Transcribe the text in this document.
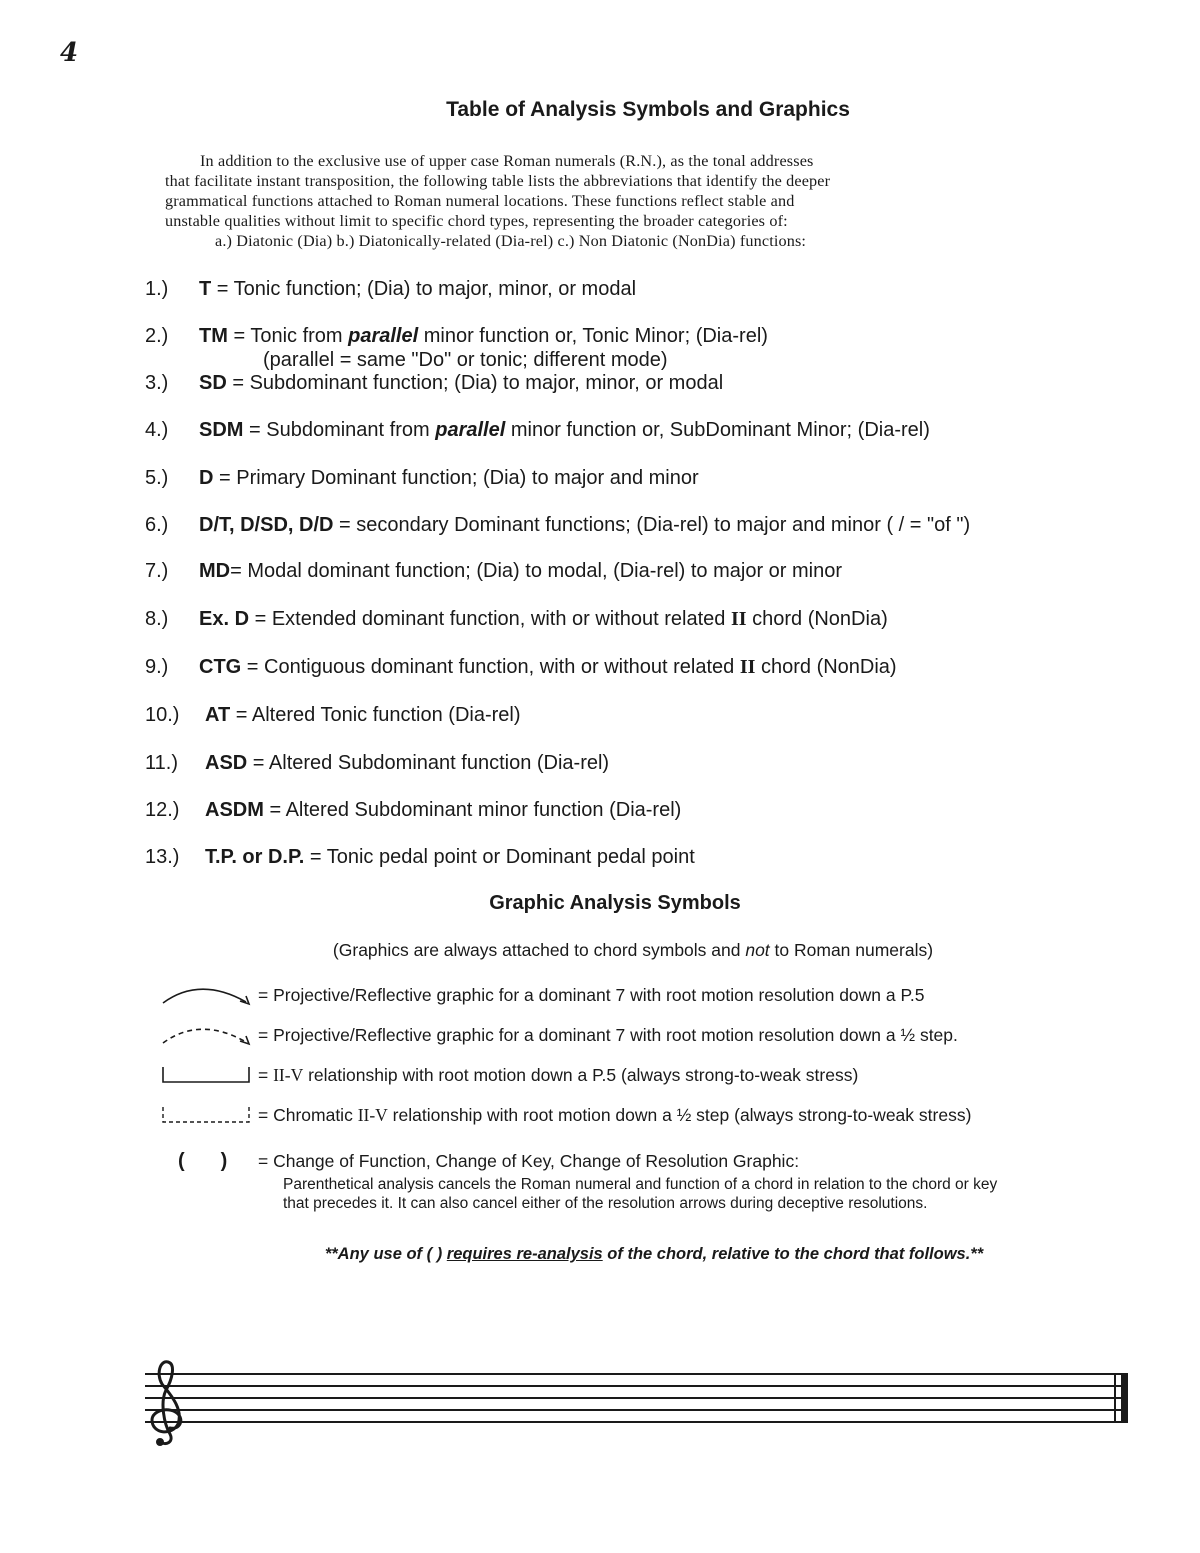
4
Table of Analysis Symbols and Graphics
In addition to the exclusive use of upper case Roman numerals (R.N.), as the tonal addresses
that facilitate instant transposition, the following table lists the abbreviations that identify the deeper
grammatical functions attached to Roman numeral locations. These functions reflect stable and
unstable qualities without limit to specific chord types, representing the broader categories of:
a.) Diatonic (Dia) b.) Diatonically-related (Dia-rel) c.) Non Diatonic (NonDia) functions:
1.) T = Tonic function; (Dia) to major, minor, or modal
2.) TM = Tonic from parallel minor function or, Tonic Minor; (Dia-rel)
(parallel = same "Do" or tonic; different mode)
3.) SD = Subdominant function; (Dia) to major, minor, or modal
4.) SDM = Subdominant from parallel minor function or, SubDominant Minor; (Dia-rel)
5.) D = Primary Dominant function; (Dia) to major and minor
6.) D/T, D/SD, D/D = secondary Dominant functions; (Dia-rel) to major and minor ( / = "of ")
7.) MD= Modal dominant function; (Dia) to modal, (Dia-rel) to major or minor
8.) Ex. D = Extended dominant function, with or without related II chord (NonDia)
9.) CTG = Contiguous dominant function, with or without related II chord (NonDia)
10.) AT = Altered Tonic function (Dia-rel)
11.) ASD = Altered Subdominant function (Dia-rel)
12.) ASDM = Altered Subdominant minor function (Dia-rel)
13.) T.P. or D.P. = Tonic pedal point or Dominant pedal point
Graphic Analysis Symbols
(Graphics are always attached to chord symbols and not to Roman numerals)
= Projective/Reflective graphic for a dominant 7 with root motion resolution down a P.5
= Projective/Reflective graphic for a dominant 7 with root motion resolution down a ½ step.
= II-V relationship with root motion down a P.5 (always strong-to-weak stress)
= Chromatic II-V relationship with root motion down a ½ step (always strong-to-weak stress)
( ) = Change of Function, Change of Key, Change of Resolution Graphic:
Parenthetical analysis cancels the Roman numeral and function of a chord in relation to the chord or key
that precedes it. It can also cancel either of the resolution arrows during deceptive resolutions.
**Any use of ( ) requires re-analysis of the chord, relative to the chord that follows.**
